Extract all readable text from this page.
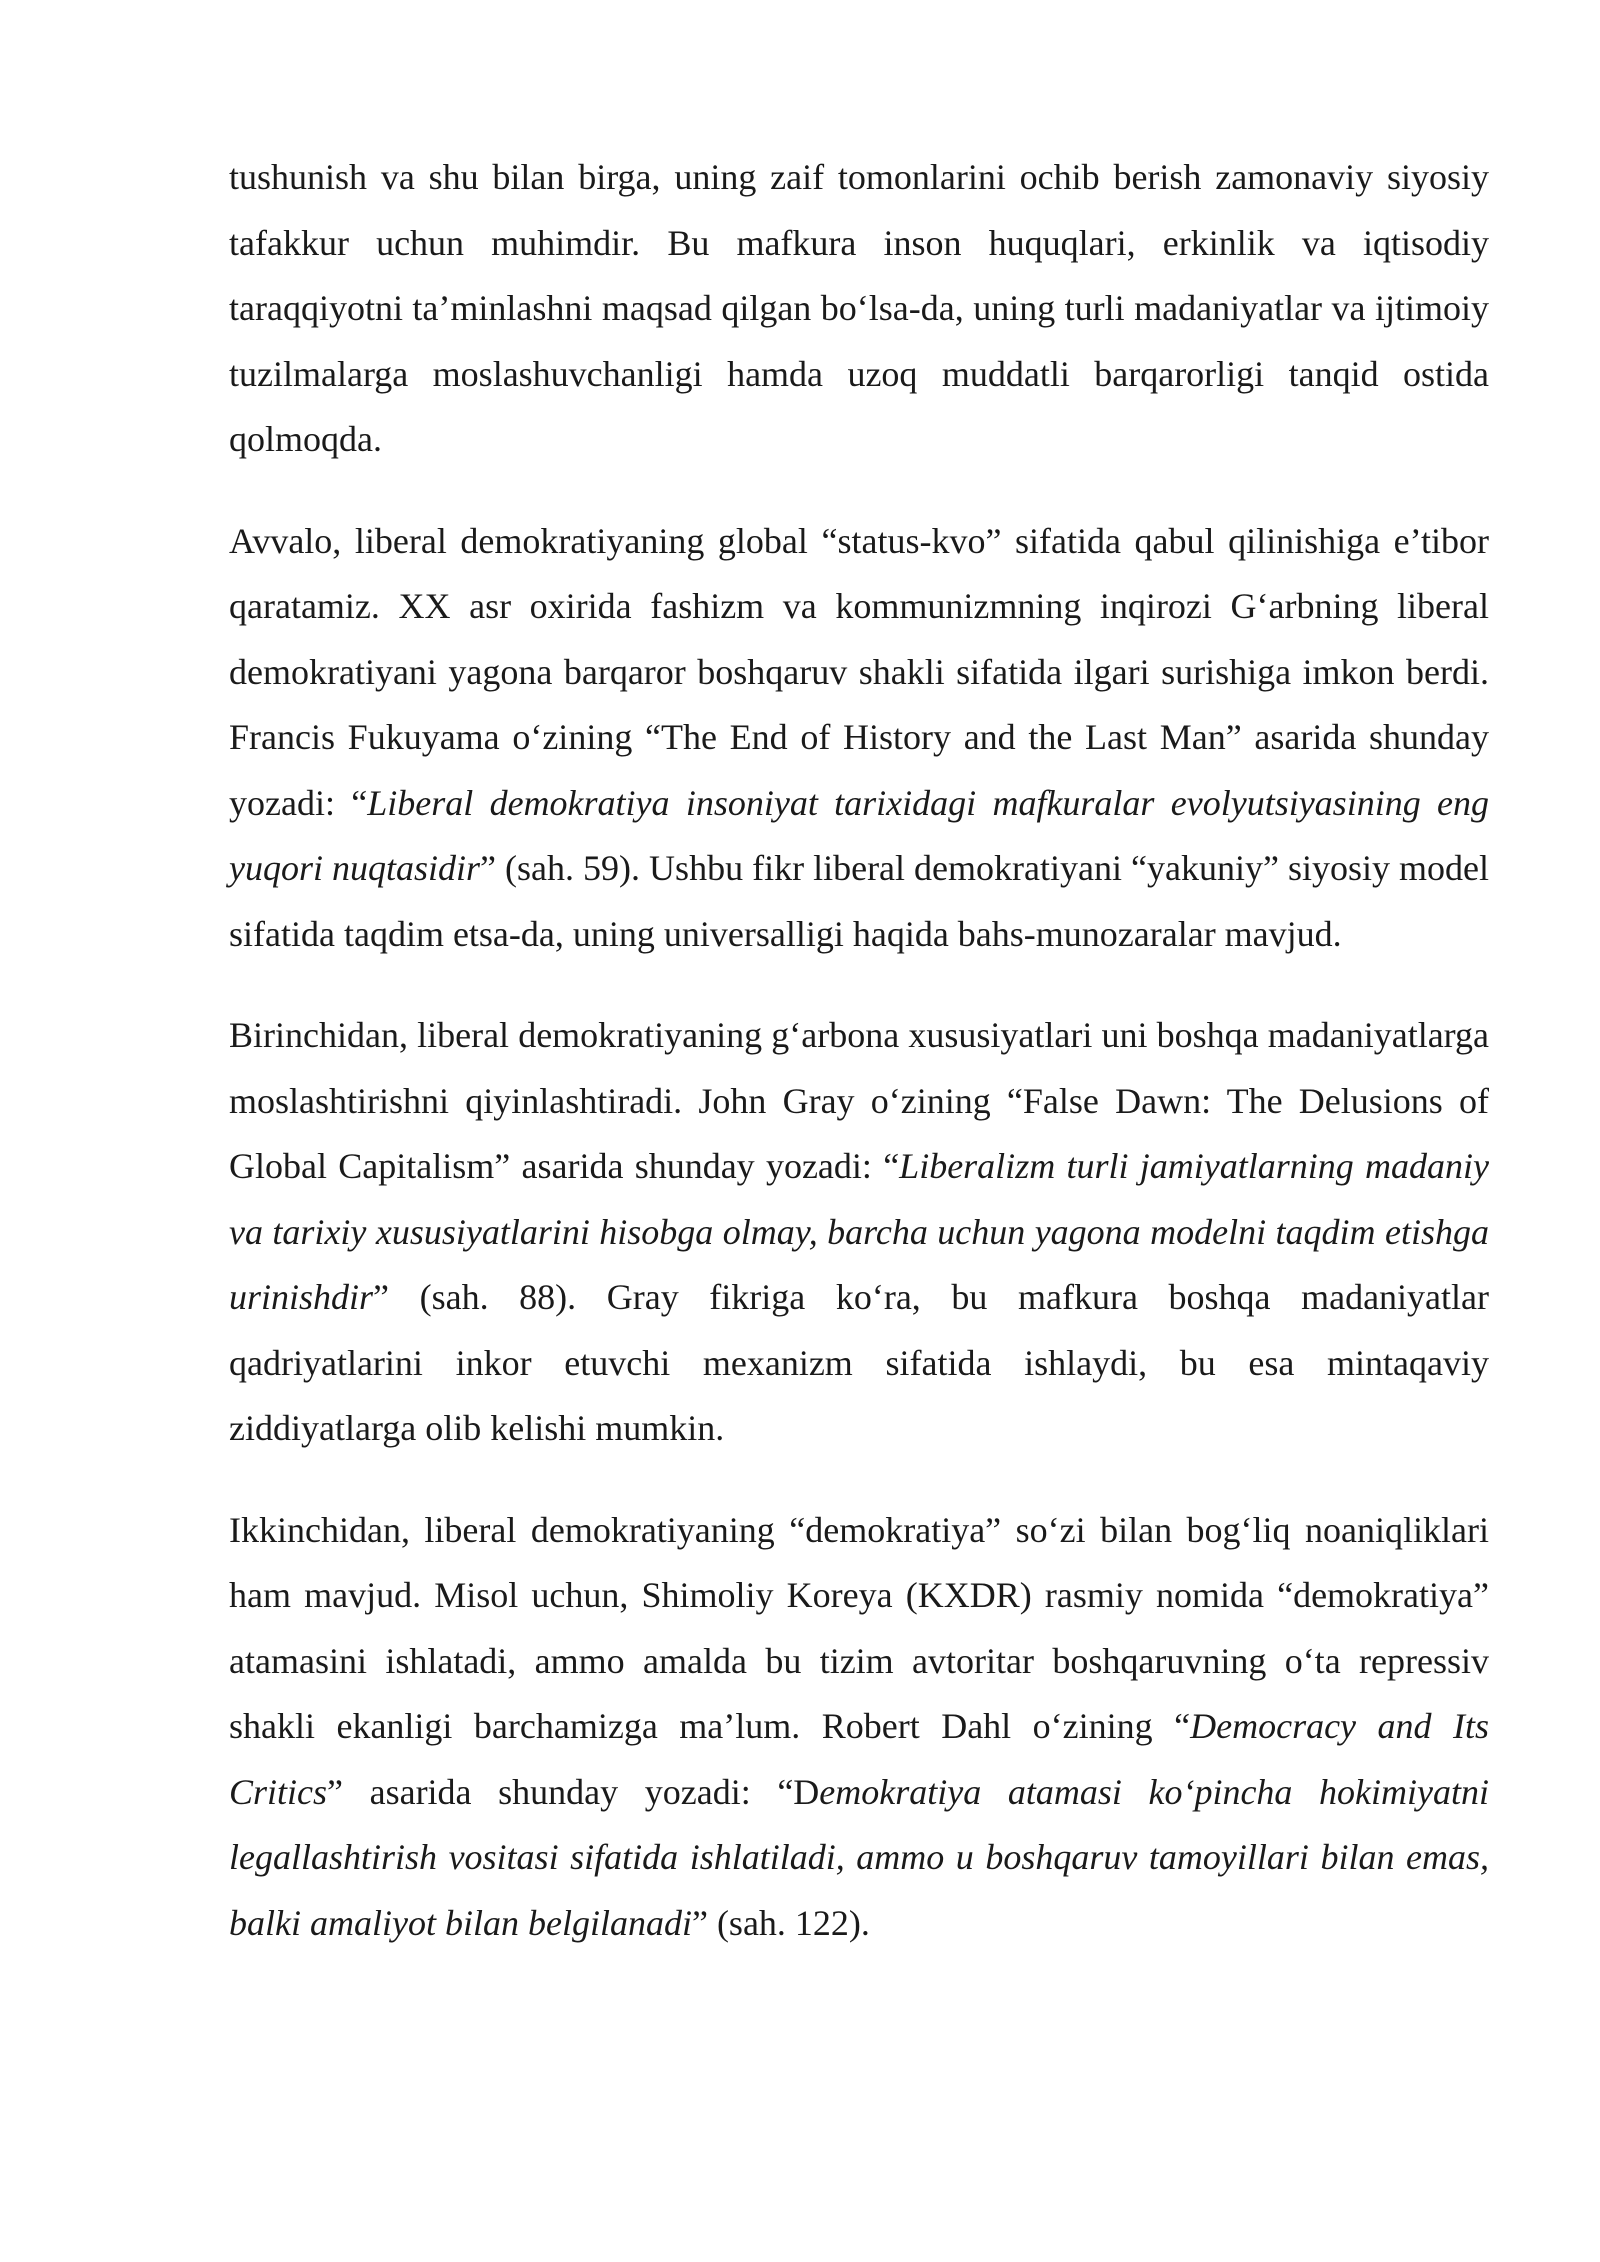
tushunish va shu bilan birga, uning zaif tomonlarini ochib berish zamonaviy siyosiy tafakkur uchun muhimdir. Bu mafkura inson huquqlari, erkinlik va iqtisodiy taraqqiyotni ta’minlashni maqsad qilgan bo‘lsa-da, uning turli madaniyatlar va ijtimoiy tuzilmalarga moslashuvchanligi hamda uzoq muddatli barqarorligi tanqid ostida qolmoqda.

Avvalo, liberal demokratiyaning global “status-kvo” sifatida qabul qilinishiga e’tibor qaratamiz. XX asr oxirida fashizm va kommunizmning inqirozi G‘arbning liberal demokratiyani yagona barqaror boshqaruv shakli sifatida ilgari surishiga imkon berdi. Francis Fukuyama o‘zining “The End of History and the Last Man” asarida shunday yozadi: “Liberal demokratiya insoniyat tarixidagi mafkuralar evolyutsiyasining eng yuqori nuqtasidir” (sah. 59). Ushbu fikr liberal demokratiyani “yakuniy” siyosiy model sifatida taqdim etsa-da, uning universalligi haqida bahs-munozaralar mavjud.

Birinchidan, liberal demokratiyaning g‘arbona xususiyatlari uni boshqa madaniyatlarga moslashtirishni qiyinlashtiradi. John Gray o‘zining “False Dawn: The Delusions of Global Capitalism” asarida shunday yozadi: “Liberalizm turli jamiyatlarning madaniy va tarixiy xususiyatlarini hisobga olmay, barcha uchun yagona modelni taqdim etishga urinishdir” (sah. 88). Gray fikriga ko‘ra, bu mafkura boshqa madaniyatlar qadriyatlarini inkor etuvchi mexanizm sifatida ishlaydi, bu esa mintaqaviy ziddiyatlarga olib kelishi mumkin.

Ikkinchidan, liberal demokratiyaning “demokratiya” so‘zi bilan bog‘liq noaniqliklari ham mavjud. Misol uchun, Shimoliy Koreya (KXDR) rasmiy nomida “demokratiya” atamasini ishlatadi, ammo amalda bu tizim avtoritar boshqaruvning o‘ta repressiv shakli ekanligi barchamizga ma’lum. Robert Dahl o‘zining “Democracy and Its Critics” asarida shunday yozadi: “Demokratiya atamasi ko‘pincha hokimiyatni legallashtirish vositasi sifatida ishlatiladi, ammo u boshqaruv tamoyillari bilan emas, balki amaliyot bilan belgilanadi” (sah. 122).
